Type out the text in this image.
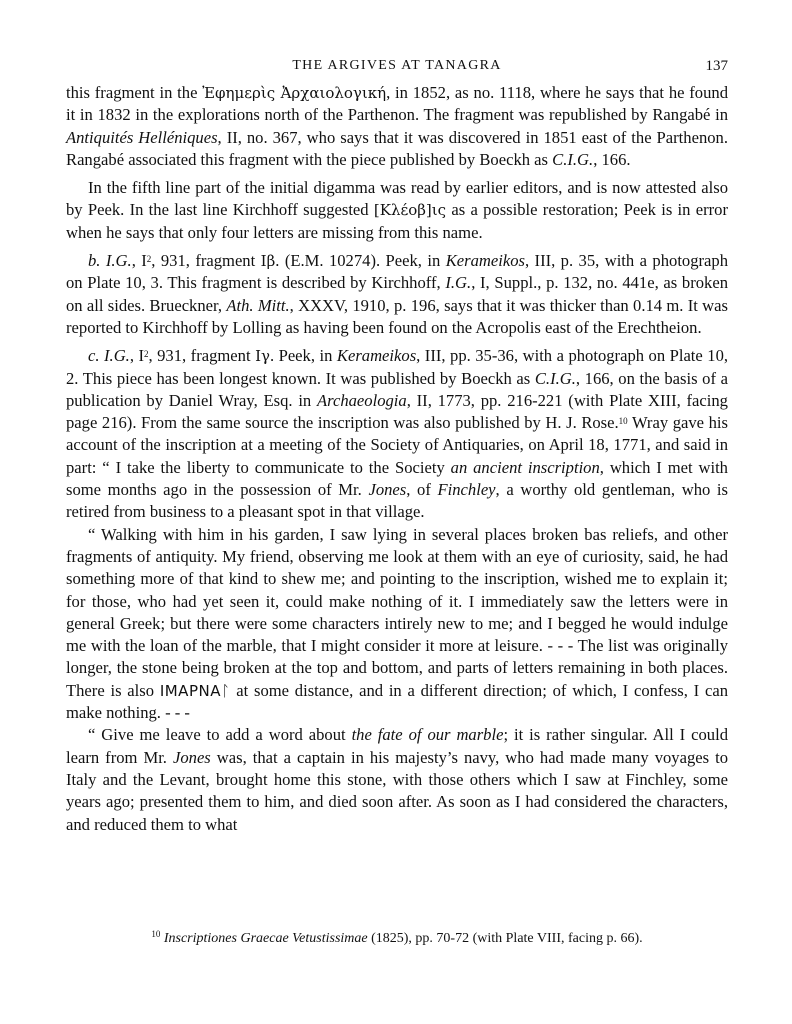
THE ARGIVES AT TANAGRA	137

this fragment in the Ἐφημερὶς Ἀρχαιολογική, in 1852, as no. 1118, where he says that he found it in 1832 in the explorations north of the Parthenon. The fragment was republished by Rangabé in Antiquités Helléniques, II, no. 367, who says that it was discovered in 1851 east of the Parthenon. Rangabé associated this fragment with the piece published by Boeckh as C.I.G., 166.

In the fifth line part of the initial digamma was read by earlier editors, and is now attested also by Peek. In the last line Kirchhoff suggested [Κλέοβ]ις as a possible restoration; Peek is in error when he says that only four letters are missing from this name.

b. I.G., $I^2$, 931, fragment Iβ. (E.M. 10274). Peek, in Kerameikos, III, p. 35, with a photograph on Plate 10, 3. This fragment is described by Kirchhoff, I.G., I, Suppl., p. 132, no. 441e, as broken on all sides. Brueckner, Ath. Mitt., XXXV, 1910, p. 196, says that it was thicker than 0.14 m. It was reported to Kirchhoff by Lolling as having been found on the Acropolis east of the Erechtheion.

c. I.G., $I^2$, 931, fragment Iγ. Peek, in Kerameikos, III, pp. 35-36, with a photograph on Plate 10, 2. This piece has been longest known. It was published by Boeckh as C.I.G., 166, on the basis of a publication by Daniel Wray, Esq. in Archaeologia, II, 1773, pp. 216-221 (with Plate XIII, facing page 216). From the same source the inscription was also published by H. J. Rose.$^{10}$ Wray gave his account of the inscription at a meeting of the Society of Antiquaries, on April 18, 1771, and said in part: “ I take the liberty to communicate to the Society an ancient inscription, which I met with some months ago in the possession of Mr. Jones, of Finchley, a worthy old gentleman, who is retired from business to a pleasant spot in that village.

“ Walking with him in his garden, I saw lying in several places broken bas reliefs, and other fragments of antiquity. My friend, observing me look at them with an eye of curiosity, said, he had something more of that kind to shew me; and pointing to the inscription, wished me to explain it; for those, who had yet seen it, could make nothing of it. I immediately saw the letters were in general Greek; but there were some characters intirely new to me; and I begged he would indulge me with the loan of the marble, that I might consider it more at leisure. - - - The list was originally longer, the stone being broken at the top and bottom, and parts of letters remaining in both places. There is also IMAPNAᛚ at some distance, and in a different direction; of which, I confess, I can make nothing. - - -

“ Give me leave to add a word about the fate of our marble; it is rather singular. All I could learn from Mr. Jones was, that a captain in his majesty’s navy, who had made many voyages to Italy and the Levant, brought home this stone, with those others which I saw at Finchley, some years ago; presented them to him, and died soon after. As soon as I had considered the characters, and reduced them to what

$^{10}$ Inscriptiones Graecae Vetustissimae (1825), pp. 70-72 (with Plate VIII, facing p. 66).
